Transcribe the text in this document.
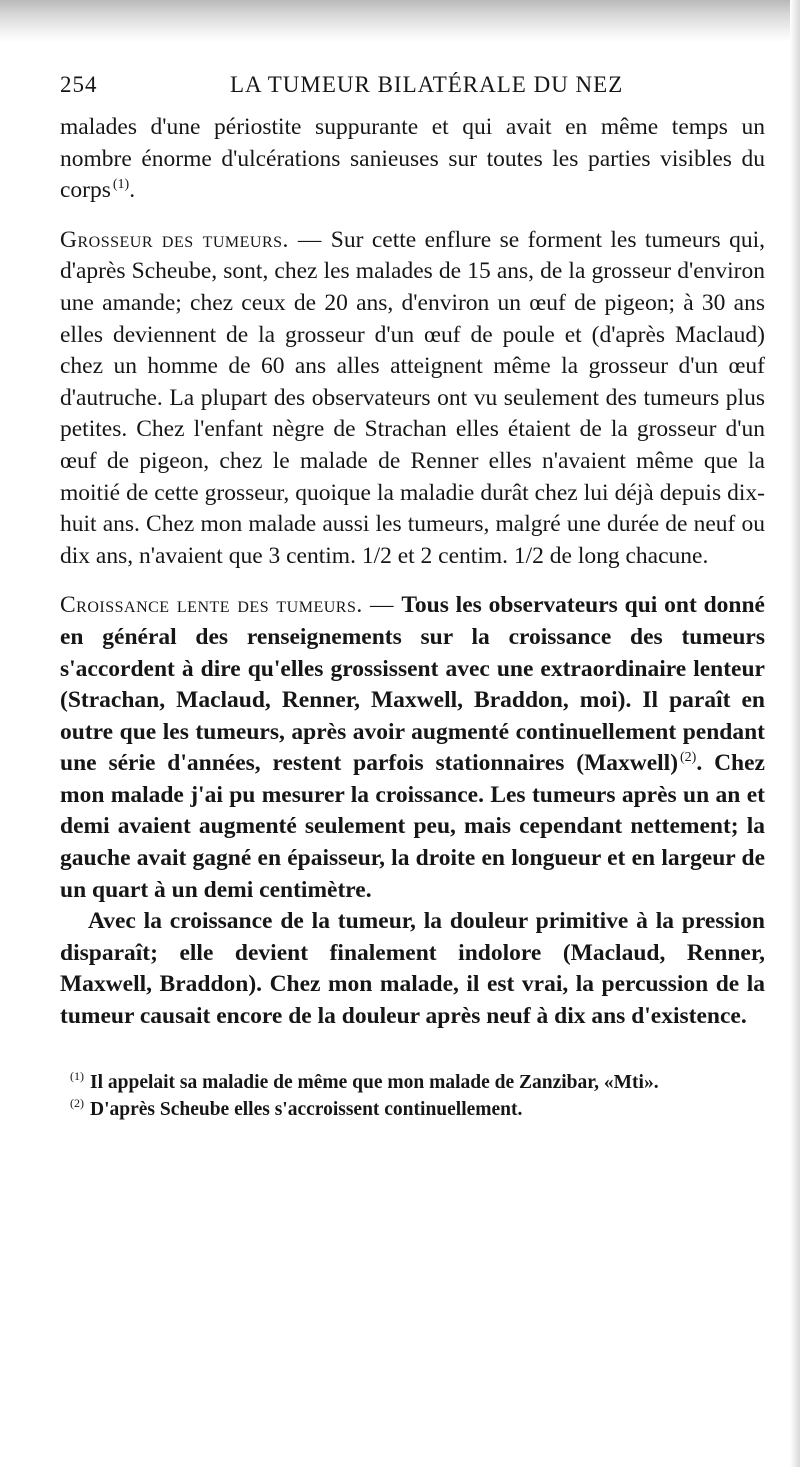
254	LA TUMEUR BILATÉRALE DU NEZ

malades d'une périostite suppurante et qui avait en même temps un nombre énorme d'ulcérations sanieuses sur toutes les parties visibles du corps  $^{(1)}$.

Grosseur des tumeurs. — Sur cette enflure se forment les tumeurs qui, d'après Scheube, sont, chez les malades de 15 ans, de la grosseur d'environ une amande; chez ceux de 20 ans, d'environ un œuf de pigeon; à 30 ans elles deviennent de la grosseur d'un œuf de poule et (d'après Maclaud) chez un homme de 60 ans alles atteignent même la grosseur d'un œuf d'autruche. La plupart des observateurs ont vu seulement des tumeurs plus petites. Chez l'enfant nègre de Strachan elles étaient de la grosseur d'un œuf de pigeon, chez le malade de Renner elles n'avaient même que la moitié de cette grosseur, quoique la maladie durât chez lui déjà depuis dix-huit ans. Chez mon malade aussi les tumeurs, malgré une durée de neuf ou dix ans, n'avaient que 3 centim. 1/2 et 2 centim. 1/2 de long chacune.

Croissance lente des tumeurs. — Tous les observateurs qui ont donné en général des renseignements sur la croissance des tumeurs s'accordent à dire qu'elles grossissent avec une extraordinaire lenteur (Strachan, Maclaud, Renner, Maxwell, Braddon, moi). Il paraît en outre que les tumeurs, après avoir augmenté continuellement pendant une série d'années, restent parfois stationnaires (Maxwell)  $^{(2)}$. Chez mon malade j'ai pu mesurer la croissance. Les tumeurs après un an et demi avaient augmenté seulement peu, mais cependant nettement; la gauche avait gagné en épaisseur, la droite en longueur et en largeur de un quart à un demi centimètre.

Avec la croissance de la tumeur, la douleur primitive à la pression disparaît; elle devient finalement indolore (Maclaud, Renner, Maxwell, Braddon). Chez mon malade, il est vrai, la percussion de la tumeur causait encore de la douleur après neuf à dix ans d'existence.

$^{(1)}$ Il appelait sa maladie de même que mon malade de Zanzibar, «Mti».
$^{(2)}$ D'après Scheube elles s'accroissent continuellement.
